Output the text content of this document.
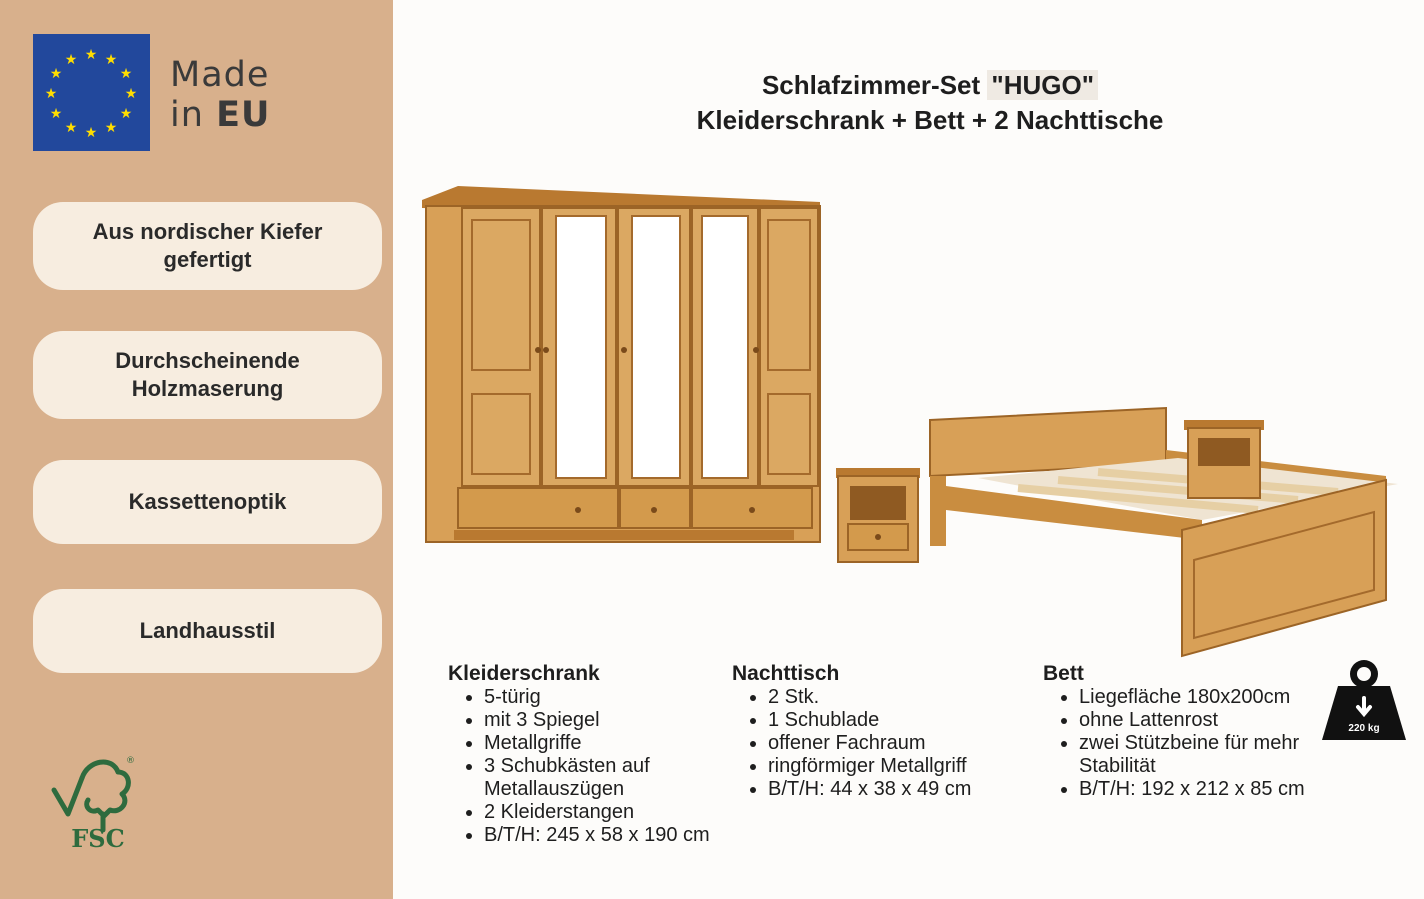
★ ★
★
★
★
★
★
★
★
★
★
★	Made
in EU
Aus nordischer Kiefer
gefertigt
Durchscheinende
Holzmaserung
Kassettenoptik
Landhausstil
®
FSC
Schlafzimmer-Set "HUGO"
Kleiderschrank + Bett + 2 Nachttische
Kleiderschrank
• 5-türig
• mit 3 Spiegel
• Metallgriffe
• 3 Schubkästen auf Metallauszügen
• 2 Kleiderstangen
• B/T/H: 245 x 58 x 190 cm
Nachttisch
• 2 Stk.
• 1 Schublade
• offener Fachraum
• ringförmiger Metallgriff
• B/T/H: 44 x 38 x 49 cm
Bett
• Liegefläche 180x200cm
• ohne Lattenrost
• zwei Stützbeine für mehr Stabilität
• B/T/H: 192 x 212 x 85 cm
220 kg
